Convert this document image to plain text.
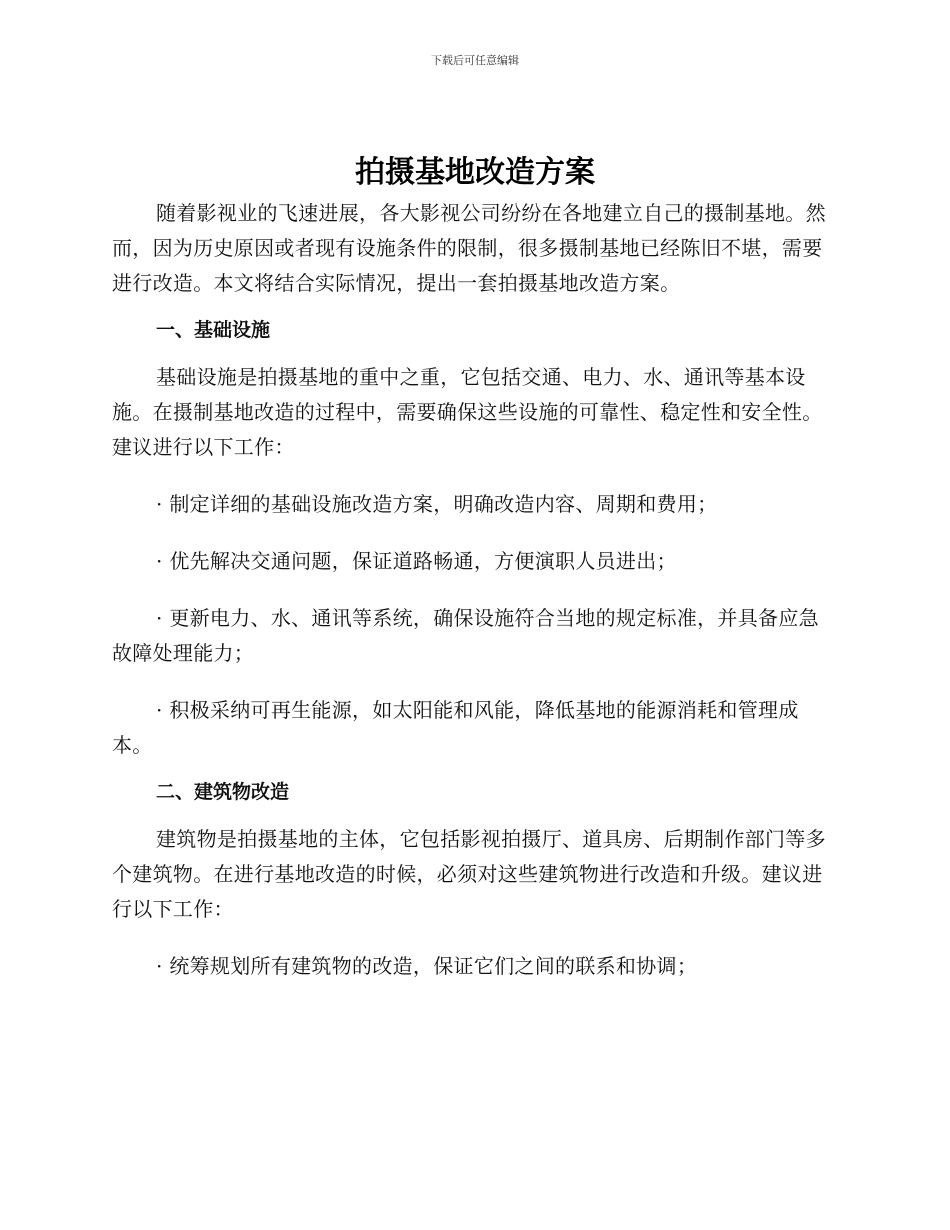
下载后可任意编辑
拍摄基地改造方案

随着影视业的飞速进展，各大影视公司纷纷在各地建立自己的摄制基地。然而，因为历史原因或者现有设施条件的限制，很多摄制基地已经陈旧不堪，需要进行改造。本文将结合实际情况，提出一套拍摄基地改造方案。

一、基础设施

基础设施是拍摄基地的重中之重，它包括交通、电力、水、通讯等基本设施。在摄制基地改造的过程中，需要确保这些设施的可靠性、稳定性和安全性。建议进行以下工作：

· 制定详细的基础设施改造方案，明确改造内容、周期和费用；

· 优先解决交通问题，保证道路畅通，方便演职人员进出；

· 更新电力、水、通讯等系统，确保设施符合当地的规定标准，并具备应急故障处理能力；

· 积极采纳可再生能源，如太阳能和风能，降低基地的能源消耗和管理成本。

二、建筑物改造

建筑物是拍摄基地的主体，它包括影视拍摄厅、道具房、后期制作部门等多个建筑物。在进行基地改造的时候，必须对这些建筑物进行改造和升级。建议进行以下工作：

· 统筹规划所有建筑物的改造，保证它们之间的联系和协调；
